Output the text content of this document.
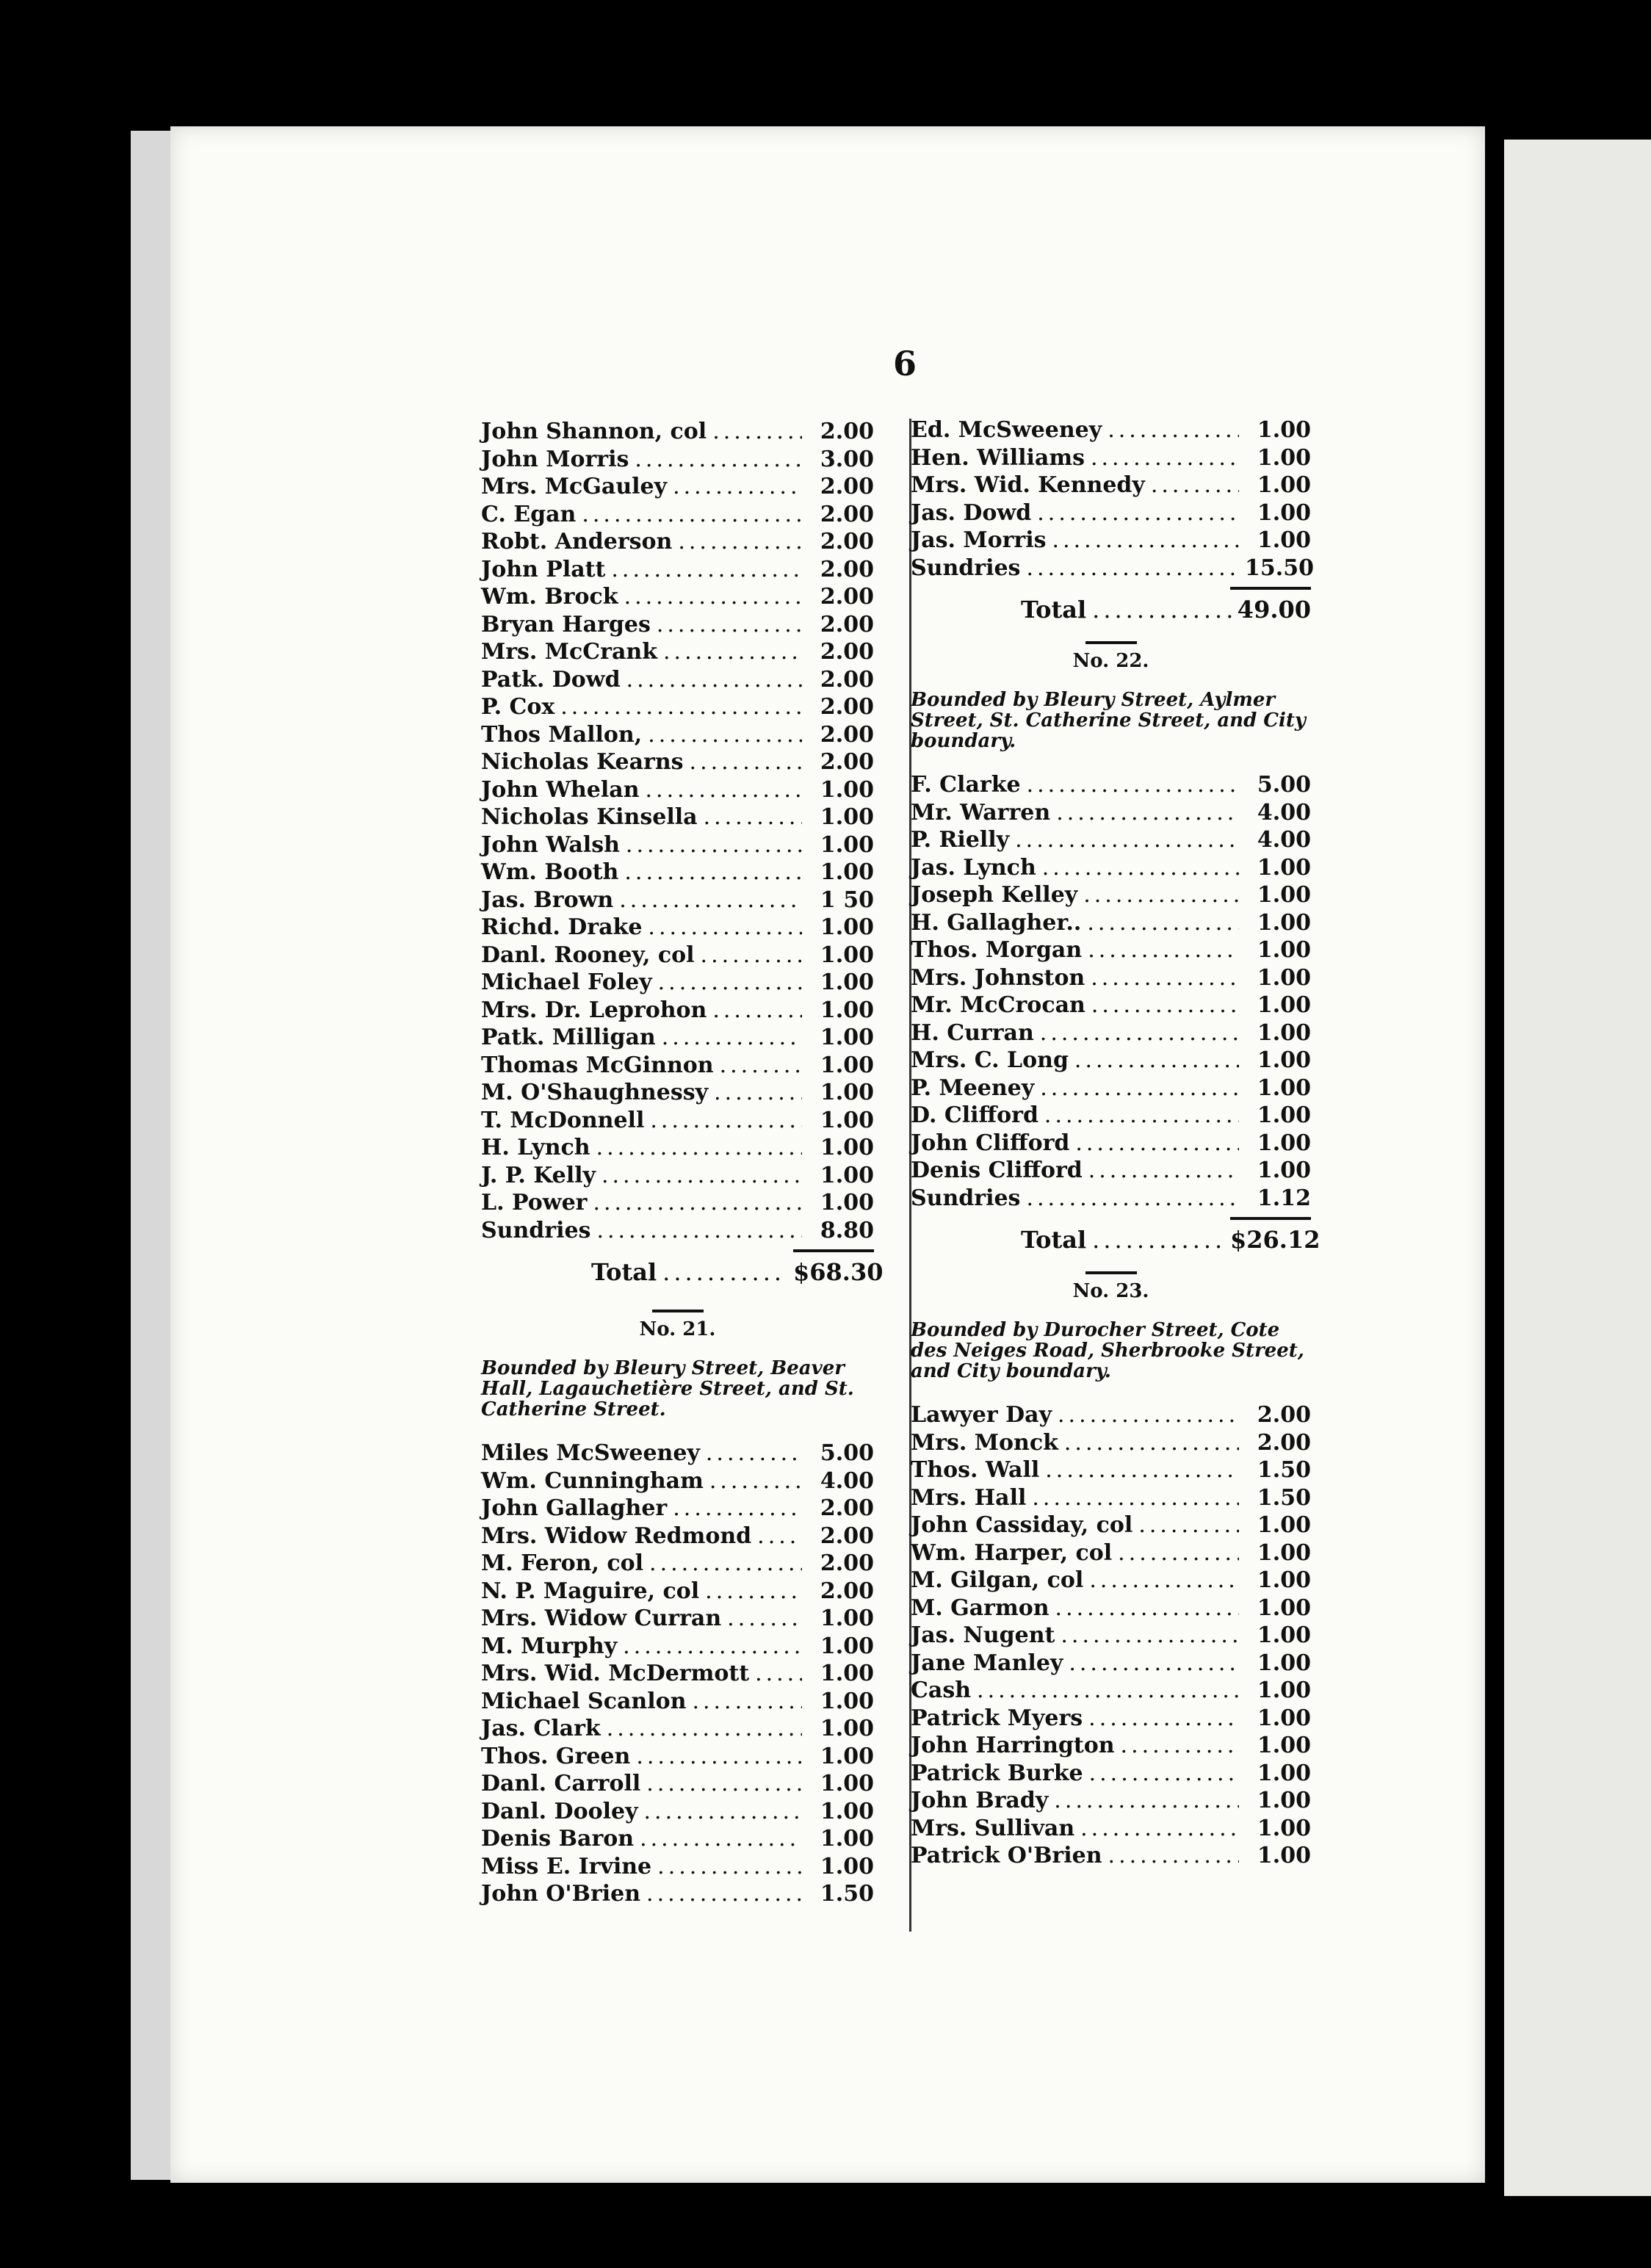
6
John Shannon, col .....	2.00
John Morris .....	3.00
Mrs. McGauley .....	2.00
C. Egan .....	2.00
Robt. Anderson .....	2.00
John Platt .....	2.00
Wm. Brock .....	2.00
Bryan Harges .....	2.00
Mrs. McCrank .....	2.00
Patk. Dowd .....	2.00
P. Cox .....	2.00
Thos Mallon, .....	2.00
Nicholas Kearns .....	2.00
John Whelan .....	1.00
Nicholas Kinsella .....	1.00
John Walsh .....	1.00
Wm. Booth .....	1.00
Jas. Brown .....	1 50
Richd. Drake .....	1.00
Danl. Rooney, col .....	1.00
Michael Foley .....	1.00
Mrs. Dr. Leprohon .....	1.00
Patk. Milligan .....	1.00
Thomas McGinnon .....	1.00
M. O'Shaughnessy .....	1.00
T. McDonnell .....	1.00
H. Lynch .....	1.00
J. P. Kelly .....	1.00
L. Power .....	1.00
Sundries .....	8.80
Total .....	$68.30
No. 21.
Bounded by Bleury Street, Beaver Hall, Lagauchetière Street, and St. Catherine Street.
Miles McSweeney .....	5.00
Wm. Cunningham .....	4.00
John Gallagher .....	2.00
Mrs. Widow Redmond .....	2.00
M. Feron, col .....	2.00
N. P. Maguire, col .....	2.00
Mrs. Widow Curran .....	1.00
M. Murphy .....	1.00
Mrs. Wid. McDermott .....	1.00
Michael Scanlon .....	1.00
Jas. Clark .....	1.00
Thos. Green .....	1.00
Danl. Carroll .....	1.00
Danl. Dooley .....	1.00
Denis Baron .....	1.00
Miss E. Irvine .....	1.00
John O'Brien .....	1.50
Ed. McSweeney .....	1.00
Hen. Williams .....	1.00
Mrs. Wid. Kennedy .....	1.00
Jas. Dowd .....	1.00
Jas. Morris .....	1.00
Sundries .....	15.50
Total .....	49.00
No. 22.
Bounded by Bleury Street, Aylmer Street, St. Catherine Street, and City boundary.
F. Clarke .....	5.00
Mr. Warren .....	4.00
P. Rielly .....	4.00
Jas. Lynch .....	1.00
Joseph Kelley .....	1.00
H. Gallagher.. .....	1.00
Thos. Morgan .....	1.00
Mrs. Johnston .....	1.00
Mr. McCrocan .....	1.00
H. Curran .....	1.00
Mrs. C. Long .....	1.00
P. Meeney .....	1.00
D. Clifford .....	1.00
John Clifford .....	1.00
Denis Clifford .....	1.00
Sundries .....	1.12
Total .....	$26.12
No. 23.
Bounded by Durocher Street, Cote des Neiges Road, Sherbrooke Street, and City boundary.
Lawyer Day .....	2.00
Mrs. Monck .....	2.00
Thos. Wall .....	1.50
Mrs. Hall .....	1.50
John Cassiday, col .....	1.00
Wm. Harper, col .....	1.00
M. Gilgan, col .....	1.00
M. Garmon .....	1.00
Jas. Nugent .....	1.00
Jane Manley .....	1.00
Cash .....	1.00
Patrick Myers .....	1.00
John Harrington .....	1.00
Patrick Burke .....	1.00
John Brady .....	1.00
Mrs. Sullivan .....	1.00
Patrick O'Brien .....	1.00
